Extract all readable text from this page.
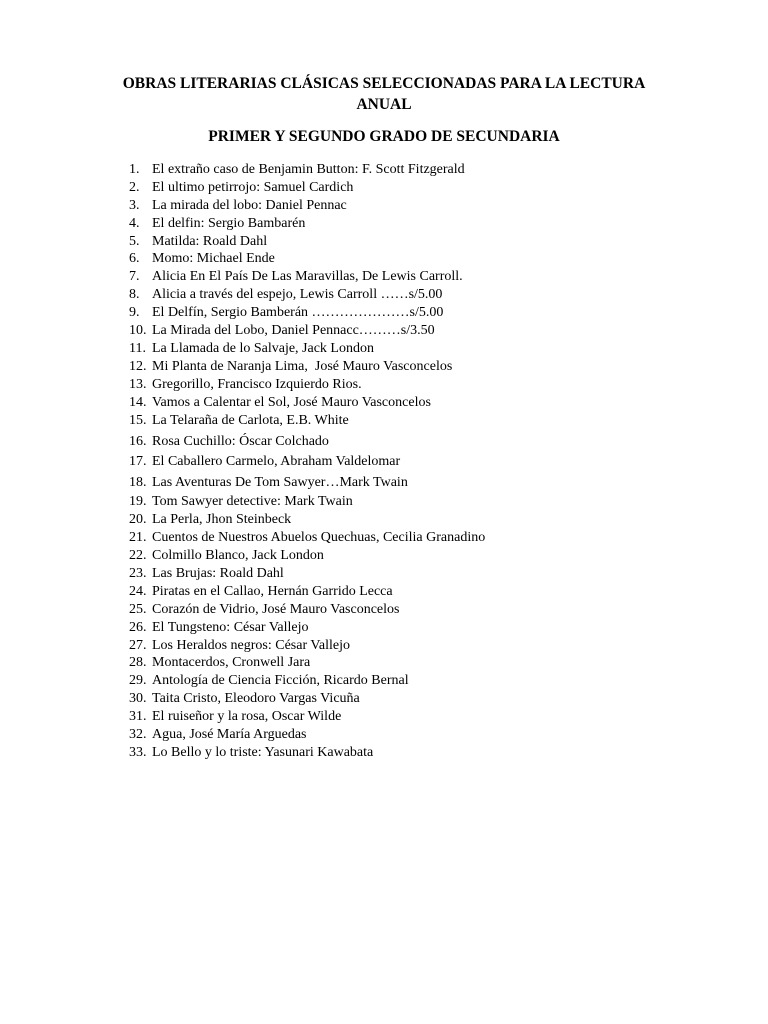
OBRAS LITERARIAS CLÁSICAS SELECCIONADAS PARA LA LECTURA ANUAL
PRIMER Y SEGUNDO GRADO DE SECUNDARIA
1. El extraño caso de Benjamin Button: F. Scott Fitzgerald
2. El ultimo petirrojo: Samuel Cardich
3. La mirada del lobo: Daniel Pennac
4. El delfin: Sergio Bambarén
5. Matilda: Roald Dahl
6. Momo: Michael Ende
7. Alicia En El País De Las Maravillas, De Lewis Carroll.
8. Alicia a través del espejo, Lewis Carroll ……s/5.00
9. El Delfín, Sergio Bamberán …………………s/5.00
10. La Mirada del Lobo, Daniel Pennacc………s/3.50
11. La Llamada de lo Salvaje, Jack London
12. Mi Planta de Naranja Lima,  José Mauro Vasconcelos
13. Gregorillo, Francisco Izquierdo Rios.
14. Vamos a Calentar el Sol, José Mauro Vasconcelos
15. La Telaraña de Carlota, E.B. White
16. Rosa Cuchillo: Óscar Colchado
17. El Caballero Carmelo, Abraham Valdelomar
18. Las Aventuras De Tom Sawyer…Mark Twain
19. Tom Sawyer detective: Mark Twain
20. La Perla, Jhon Steinbeck
21. Cuentos de Nuestros Abuelos Quechuas, Cecilia Granadino
22. Colmillo Blanco, Jack London
23. Las Brujas: Roald Dahl
24. Piratas en el Callao, Hernán Garrido Lecca
25. Corazón de Vidrio, José Mauro Vasconcelos
26. El Tungsteno: César Vallejo
27. Los Heraldos negros: César Vallejo
28. Montacerdos, Cronwell Jara
29. Antología de Ciencia Ficción, Ricardo Bernal
30. Taita Cristo, Eleodoro Vargas Vicuña
31. El ruiseñor y la rosa, Oscar Wilde
32. Agua, José María Arguedas
33. Lo Bello y lo triste: Yasunari Kawabata
